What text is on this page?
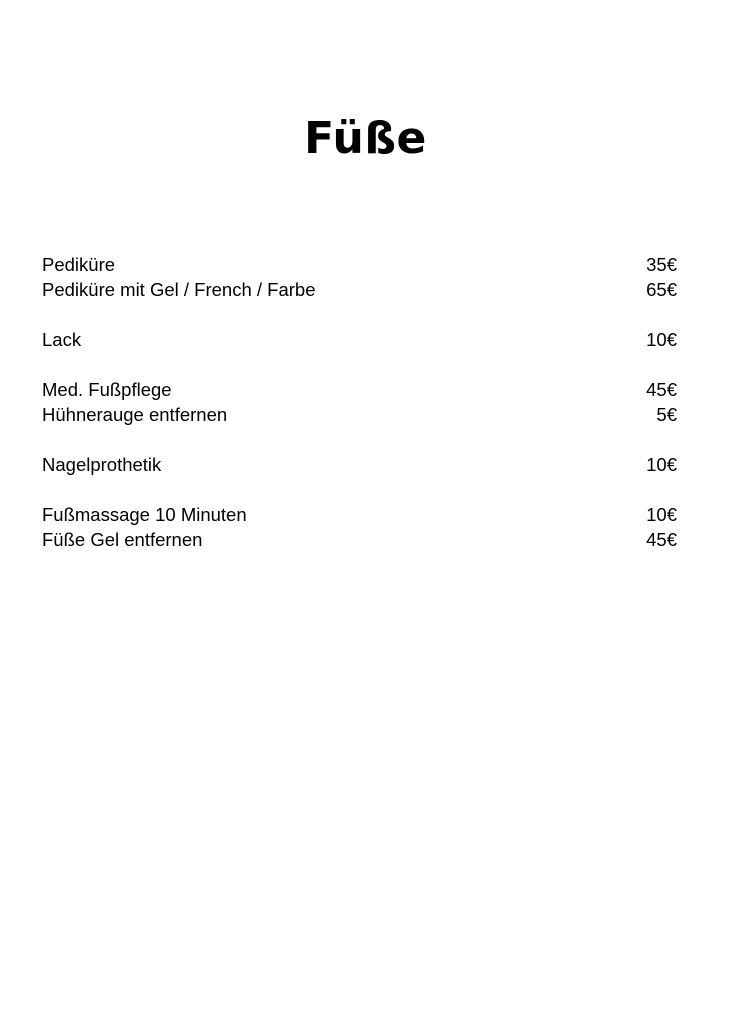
Füße
Pediküre	35€
Pediküre mit Gel / French / Farbe	65€
Lack	10€
Med. Fußpflege	45€
Hühnerauge entfernen	5€
Nagelprothetik	10€
Fußmassage 10 Minuten	10€
Füße Gel entfernen	45€
